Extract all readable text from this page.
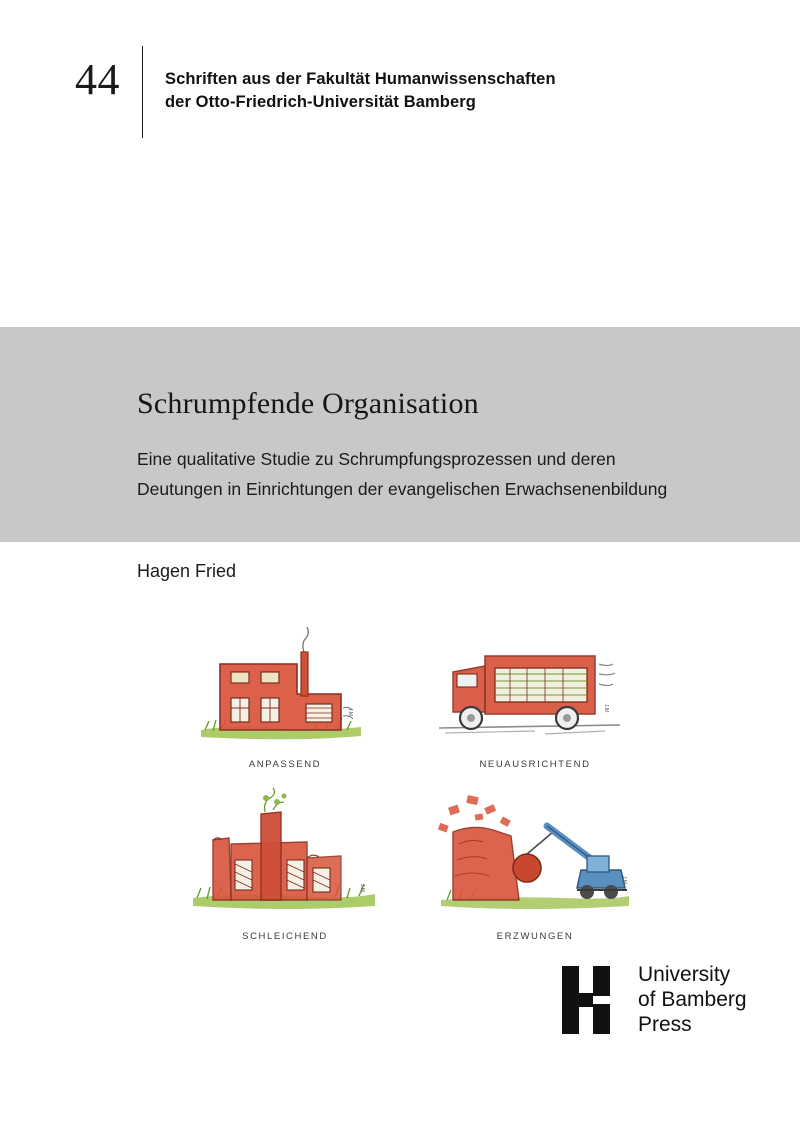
44	Schriften aus der Fakultät Humanwissenschaften
der Otto-Friedrich-Universität Bamberg
Schrumpfende Organisation
Eine qualitative Studie zu Schrumpfungsprozessen und deren
Deutungen in Einrichtungen der evangelischen Erwachsenenbildung
Hagen Fried
J.M.
ANPASSEND
J.M.
NEUAUSRICHTEND
J.M.
SCHLEICHEND
J.M.
ERZWUNGEN
University
of Bamberg
Press
